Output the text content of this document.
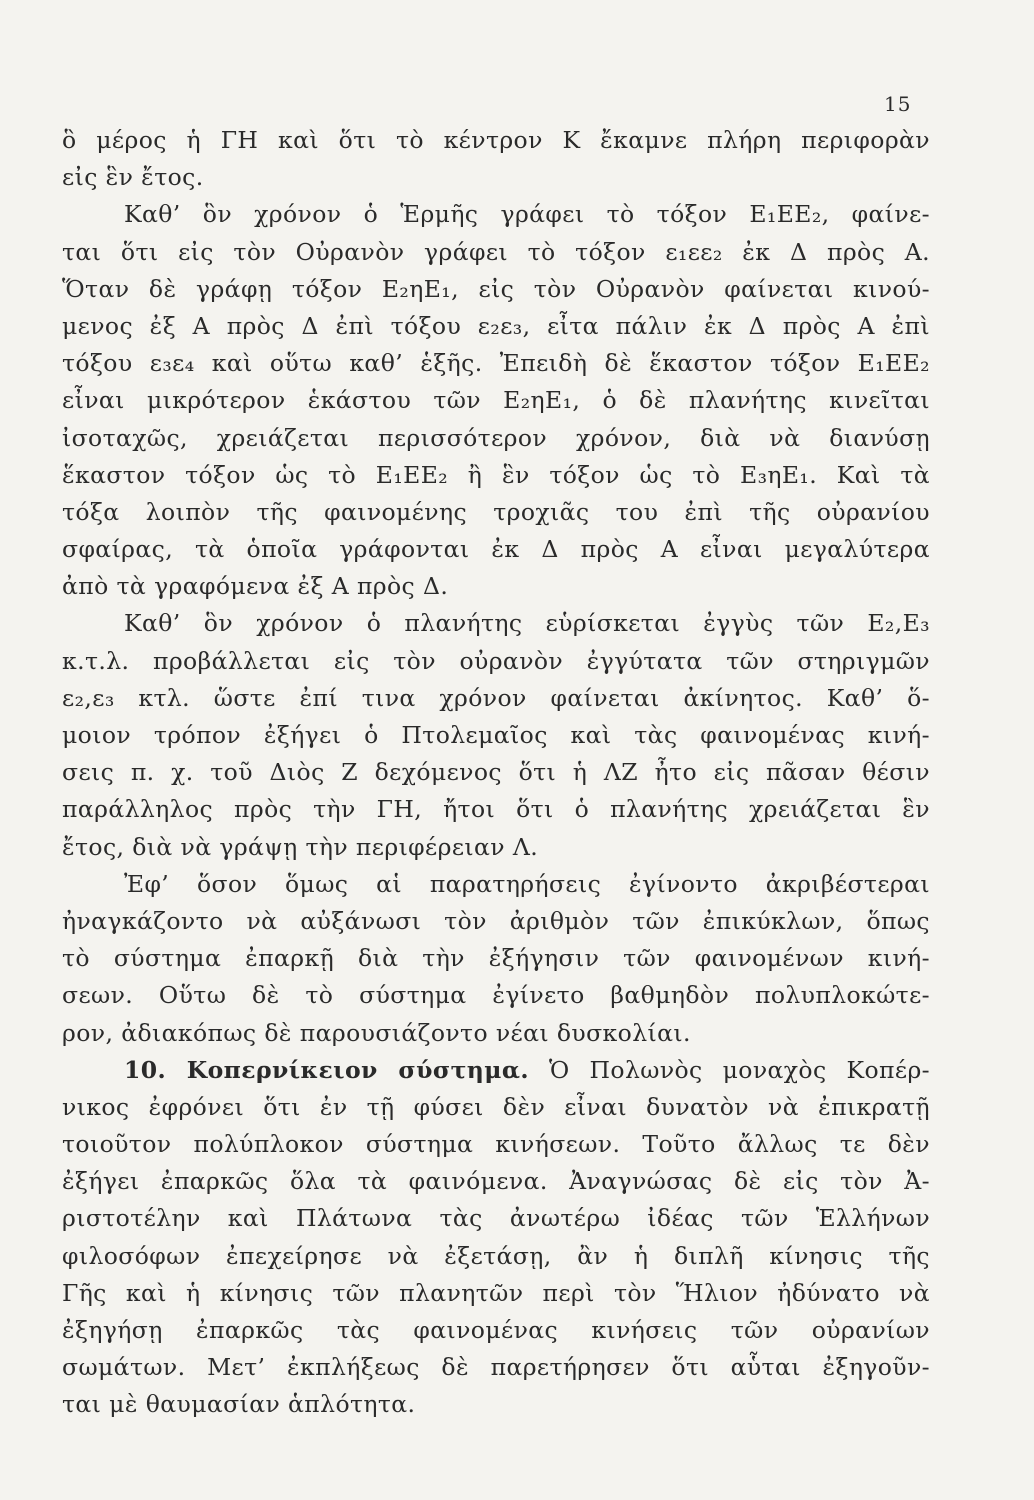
15
ὃ μέρος ἡ ΓΗ καὶ ὅτι τὸ κέντρον Κ ἔκαμνε πλήρη περιφορὰν
εἰς ἓν ἔτος.
Καθ’ ὃν χρόνον ὁ Ἑρμῆς γράφει τὸ τόξον Ε₁ΕΕ₂, φαίνε-
ται ὅτι εἰς τὸν Οὐρανὸν γράφει τὸ τόξον ε₁εε₂ ἐκ Δ πρὸς Α.
Ὅταν δὲ γράφῃ τόξον Ε₂ηΕ₁, εἰς τὸν Οὐρανὸν φαίνεται κινού-
μενος ἐξ Α πρὸς Δ ἐπὶ τόξου ε₂ε₃, εἶτα πάλιν ἐκ Δ πρὸς Α ἐπὶ
τόξου ε₃ε₄ καὶ οὕτω καθ’ ἑξῆς. Ἐπειδὴ δὲ ἕκαστον τόξον Ε₁ΕΕ₂
εἶναι μικρότερον ἑκάστου τῶν Ε₂ηΕ₁, ὁ δὲ πλανήτης κινεῖται
ἰσοταχῶς, χρειάζεται περισσότερον χρόνον, διὰ νὰ διανύσῃ
ἕκαστον τόξον ὡς τὸ Ε₁ΕΕ₂ ἢ ἓν τόξον ὡς τὸ Ε₃ηΕ₁. Καὶ τὰ
τόξα λοιπὸν τῆς φαινομένης τροχιᾶς του ἐπὶ τῆς οὐρανίου
σφαίρας, τὰ ὁποῖα γράφονται ἐκ Δ πρὸς Α εἶναι μεγαλύτερα
ἀπὸ τὰ γραφόμενα ἐξ Α πρὸς Δ.
Καθ’ ὃν χρόνον ὁ πλανήτης εὑρίσκεται ἐγγὺς τῶν Ε₂,Ε₃
κ.τ.λ. προβάλλεται εἰς τὸν οὐρανὸν ἐγγύτατα τῶν στηριγμῶν
ε₂,ε₃ κτλ. ὥστε ἐπί τινα χρόνον φαίνεται ἀκίνητος. Καθ’ ὅ-
μοιον τρόπον ἐξήγει ὁ Πτολεμαῖος καὶ τὰς φαινομένας κινή-
σεις π. χ. τοῦ Διὸς Ζ δεχόμενος ὅτι ἡ ΛΖ ἦτο εἰς πᾶσαν θέσιν
παράλληλος πρὸς τὴν ΓΗ, ἤτοι ὅτι ὁ πλανήτης χρειάζεται ἓν
ἔτος, διὰ νὰ γράψῃ τὴν περιφέρειαν Λ.
Ἐφ’ ὅσον ὅμως αἱ παρατηρήσεις ἐγίνοντο ἀκριβέστεραι
ἠναγκάζοντο νὰ αὐξάνωσι τὸν ἀριθμὸν τῶν ἐπικύκλων, ὅπως
τὸ σύστημα ἐπαρκῇ διὰ τὴν ἐξήγησιν τῶν φαινομένων κινή-
σεων. Οὕτω δὲ τὸ σύστημα ἐγίνετο βαθμηδὸν πολυπλοκώτε-
ρον, ἀδιακόπως δὲ παρουσιάζοντο νέαι δυσκολίαι.
10. Κοπερνίκειον σύστημα. Ὁ Πολωνὸς μοναχὸς Κοπέρ-
νικος ἐφρόνει ὅτι ἐν τῇ φύσει δὲν εἶναι δυνατὸν νὰ ἐπικρατῇ
τοιοῦτον πολύπλοκον σύστημα κινήσεων. Τοῦτο ἄλλως τε δὲν
ἐξήγει ἐπαρκῶς ὅλα τὰ φαινόμενα. Ἀναγνώσας δὲ εἰς τὸν Ἀ-
ριστοτέλην καὶ Πλάτωνα τὰς ἀνωτέρω ἰδέας τῶν Ἑλλήνων
φιλοσόφων ἐπεχείρησε νὰ ἐξετάσῃ, ἂν ἡ διπλῆ κίνησις τῆς
Γῆς καὶ ἡ κίνησις τῶν πλανητῶν περὶ τὸν Ἥλιον ἠδύνατο νὰ
ἐξηγήσῃ ἐπαρκῶς τὰς φαινομένας κινήσεις τῶν οὐρανίων
σωμάτων. Μετ’ ἐκπλήξεως δὲ παρετήρησεν ὅτι αὗται ἐξηγοῦν-
ται μὲ θαυμασίαν ἁπλότητα.
